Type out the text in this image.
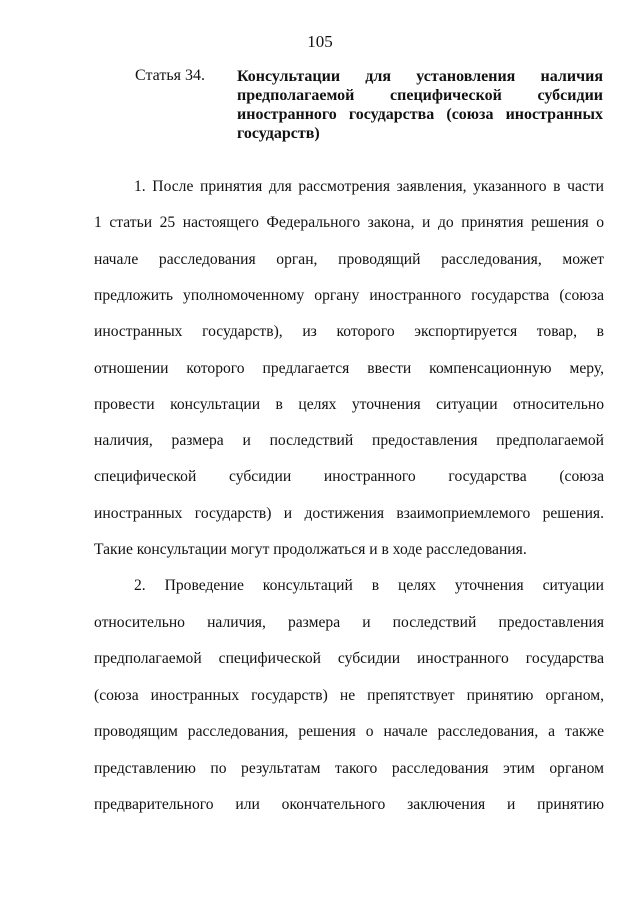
105
Статья 34. Консультации для установления наличия предполагаемой специфической субсидии иностранного государства (союза иностранных государств)
1. После принятия для рассмотрения заявления, указанного в части
1 статьи 25 настоящего Федерального закона, и до принятия решения о
начале расследования орган, проводящий расследования, может
предложить уполномоченному органу иностранного государства (союза
иностранных государств), из которого экспортируется товар, в
отношении которого предлагается ввести компенсационную меру,
провести консультации в целях уточнения ситуации относительно
наличия, размера и последствий предоставления предполагаемой
специфической субсидии иностранного государства (союза
иностранных государств) и достижения взаимоприемлемого решения.
Такие консультации могут продолжаться и в ходе расследования.
2. Проведение консультаций в целях уточнения ситуации
относительно наличия, размера и последствий предоставления
предполагаемой специфической субсидии иностранного государства
(союза иностранных государств) не препятствует принятию органом,
проводящим расследования, решения о начале расследования, а также
представлению по результатам такого расследования этим органом
предварительного или окончательного заключения и принятию
